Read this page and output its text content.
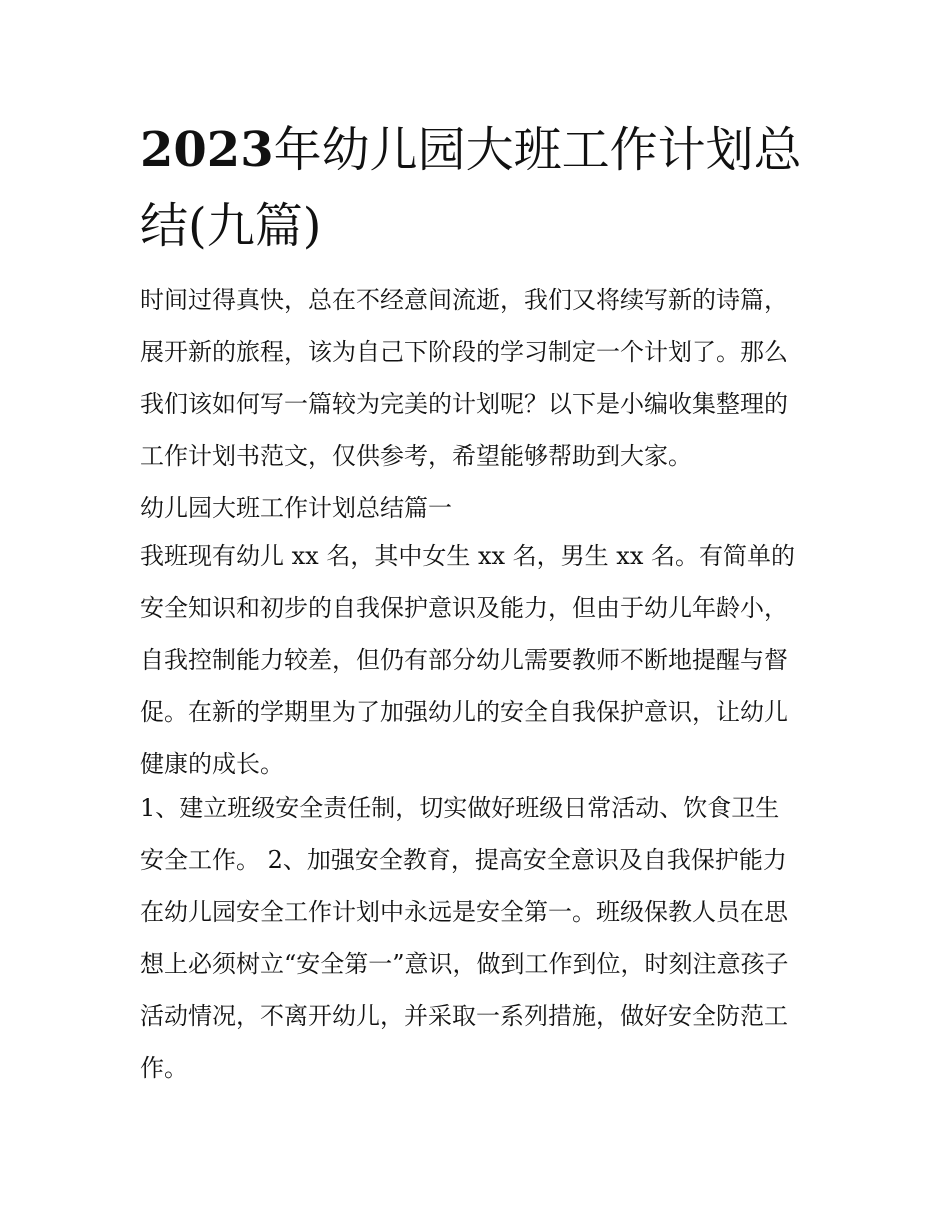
2023年幼儿园大班工作计划总
结(九篇)
时间过得真快，总在不经意间流逝，我们又将续写新的诗篇，
展开新的旅程，该为自己下阶段的学习制定一个计划了。那么
我们该如何写一篇较为完美的计划呢？以下是小编收集整理的
工作计划书范文，仅供参考，希望能够帮助到大家。
幼儿园大班工作计划总结篇一
我班现有幼儿 xx 名，其中女生 xx 名，男生 xx 名。有简单的
安全知识和初步的自我保护意识及能力，但由于幼儿年龄小，
自我控制能力较差，但仍有部分幼儿需要教师不断地提醒与督
促。在新的学期里为了加强幼儿的安全自我保护意识，让幼儿
健康的成长。
1、建立班级安全责任制，切实做好班级日常活动、饮食卫生
安全工作。 2、加强安全教育，提高安全意识及自我保护能力
在幼儿园安全工作计划中永远是安全第一。班级保教人员在思
想上必须树立“安全第一”意识，做到工作到位，时刻注意孩子
活动情况，不离开幼儿，并采取一系列措施，做好安全防范工
作。
